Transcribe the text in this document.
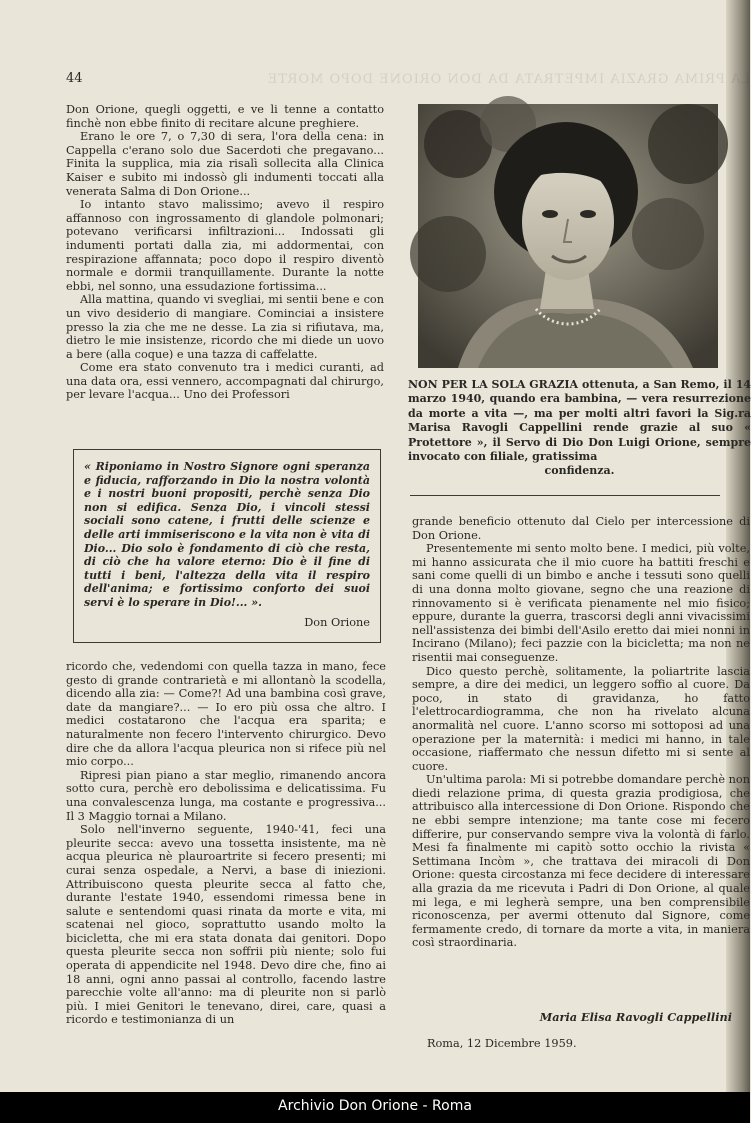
LA PRIMA GRAZIA IMPETRATA DA DON ORIONE DOPO MORTE
44

Don Orione, quegli oggetti, e ve li tenne a contatto finchè non ebbe finito di recitare alcune preghiere.

Erano le ore 7, o 7,30 di sera, l'ora della cena: in Cappella c'erano solo due Sacerdoti che pregavano... Finita la supplica, mia zia risalì sollecita alla Clinica Kaiser e subito mi indossò gli indumenti toccati alla venerata Salma di Don Orione...

Io intanto stavo malissimo; avevo il respiro affannoso con ingrossamento di glandole polmonari; potevano verificarsi infiltrazioni... Indossati gli indumenti portati dalla zia, mi addormentai, con respirazione affannata; poco dopo il respiro diventò normale e dormii tranquillamente. Durante la notte ebbi, nel sonno, una essudazione fortissima...

Alla mattina, quando vi svegliai, mi sentii bene e con un vivo desiderio di mangiare. Cominciai a insistere presso la zia che me ne desse. La zia si rifiutava, ma, dietro le mie insistenze, ricordo che mi diede un uovo a bere (alla coque) e una tazza di caffelatte.

Come era stato convenuto tra i medici curanti, ad una data ora, essi vennero, accompagnati dal chirurgo, per levare l'acqua... Uno dei Professori

« Riponiamo in Nostro Signore ogni speranza e fiducia, rafforzando in Dio la nostra volontà e i nostri buoni propositi, perchè senza Dio non si edifica. Senza Dio, i vincoli stessi sociali sono catene, i frutti delle scienze e delle arti immiseriscono e la vita non è vita di Dio... Dio solo è fondamento di ciò che resta, di ciò che ha valore eterno: Dio è il fine di tutti i beni, l'altezza della vita il respiro dell'anima; e fortissimo conforto dei suoi servi è lo sperare in Dio!... ».
Don Orione

ricordo che, vedendomi con quella tazza in mano, fece gesto di grande contrarietà e mi allontanò la scodella, dicendo alla zia: — Come?! Ad una bambina così grave, date da mangiare?... — Io ero più ossa che altro. I medici costatarono che l'acqua era sparita; e naturalmente non fecero l'intervento chirurgico. Devo dire che da allora l'acqua pleurica non si rifece più nel mio corpo...

Ripresi pian piano a star meglio, rimanendo ancora sotto cura, perchè ero debolissima e delicatissima. Fu una convalescenza lunga, ma costante e progressiva... Il 3 Maggio tornai a Milano.

Solo nell'inverno seguente, 1940-'41, feci una pleurite secca: avevo una tossetta insistente, ma nè acqua pleurica nè plauroartrite si fecero presenti; mi curai senza ospedale, a Nervi, a base di iniezioni. Attribuiscono questa pleurite secca al fatto che, durante l'estate 1940, essendomi rimessa bene in salute e sentendomi quasi rinata da morte e vita, mi scatenai nel gioco, soprattutto usando molto la bicicletta, che mi era stata donata dai genitori. Dopo questa pleurite secca non soffrii più niente; solo fui operata di appendicite nel 1948. Devo dire che, fino ai 18 anni, ogni anno passai al controllo, facendo lastre parecchie volte all'anno: ma di pleurite non si parlò più. I miei Genitori le tenevano, direi, care, quasi a ricordo e testimonianza di un

NON PER LA SOLA GRAZIA ottenuta, a San Remo, il 14 marzo 1940, quando era bambina, — vera resurrezione da morte a vita —, ma per molti altri favori la Sig.ra Marisa Ravogli Cappellini rende grazie al suo « Protettore », il Servo di Dio Don Luigi Orione, sempre invocato con filiale, gratissima
confidenza.

grande beneficio ottenuto dal Cielo per intercessione di Don Orione.

Presentemente mi sento molto bene. I medici, più volte, mi hanno assicurata che il mio cuore ha battiti freschi e sani come quelli di un bimbo e anche i tessuti sono quelli di una donna molto giovane, segno che una reazione di rinnovamento si è verificata pienamente nel mio fisico; eppure, durante la guerra, trascorsi degli anni vivacissimi nell'assistenza dei bimbi dell'Asilo eretto dai miei nonni in Incirano (Milano); feci pazzie con la bicicletta; ma non ne risentii mai conseguenze.

Dico questo perchè, solitamente, la poliartrite lascia sempre, a dire dei medici, un leggero soffio al cuore. Da poco, in stato di gravidanza, ho fatto l'elettrocardiogramma, che non ha rivelato alcuna anormalità nel cuore. L'anno scorso mi sottoposi ad una operazione per la maternità: i medici mi hanno, in tale occasione, riaffermato che nessun difetto mi si sente al cuore.

Un'ultima parola: Mi si potrebbe domandare perchè non diedi relazione prima, di questa grazia prodigiosa, che attribuisco alla intercessione di Don Orione. Rispondo che ne ebbi sempre intenzione; ma tante cose mi fecero differire, pur conservando sempre viva la volontà di farlo. Mesi fa finalmente mi capitò sotto occhio la rivista « Settimana Incòm », che trattava dei miracoli di Don Orione: questa circostanza mi fece decidere di interessare alla grazia da me ricevuta i Padri di Don Orione, al quale mi lega, e mi legherà sempre, una ben comprensibile riconoscenza, per avermi ottenuto dal Signore, come fermamente credo, di tornare da morte a vita, in maniera così straordinaria.

Maria Elisa Ravogli Cappellini
Roma, 12 Dicembre 1959.
Archivio Don Orione - Roma
